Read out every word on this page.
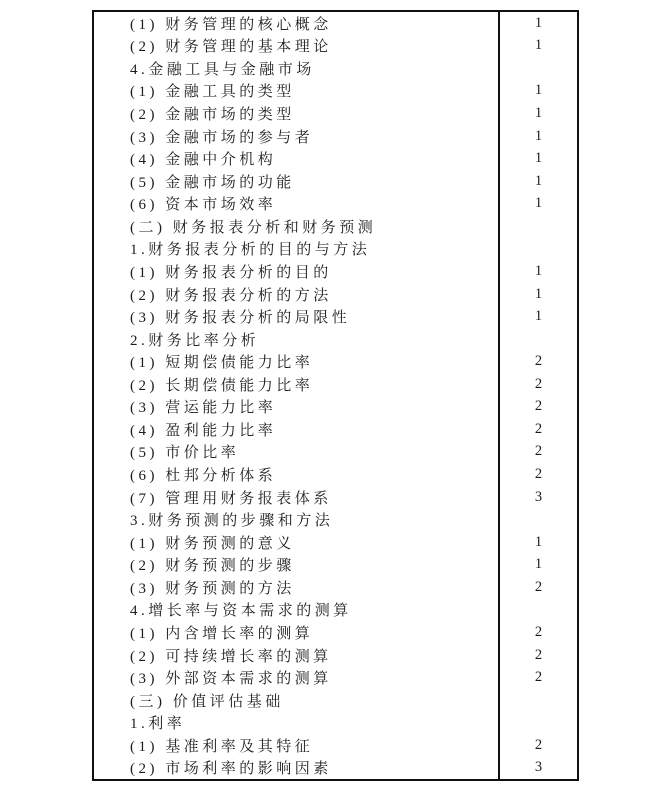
(1) 财务管理的核心概念	1
(2) 财务管理的基本理论	1
4.金融工具与金融市场
(1) 金融工具的类型	1
(2) 金融市场的类型	1
(3) 金融市场的参与者	1
(4) 金融中介机构	1
(5) 金融市场的功能	1
(6) 资本市场效率	1
(二) 财务报表分析和财务预测
1.财务报表分析的目的与方法
(1) 财务报表分析的目的	1
(2) 财务报表分析的方法	1
(3) 财务报表分析的局限性	1
2.财务比率分析
(1) 短期偿债能力比率	2
(2) 长期偿债能力比率	2
(3) 营运能力比率	2
(4) 盈利能力比率	2
(5) 市价比率	2
(6) 杜邦分析体系	2
(7) 管理用财务报表体系	3
3.财务预测的步骤和方法
(1) 财务预测的意义	1
(2) 财务预测的步骤	1
(3) 财务预测的方法	2
4.增长率与资本需求的测算
(1) 内含增长率的测算	2
(2) 可持续增长率的测算	2
(3) 外部资本需求的测算	2
(三) 价值评估基础
1.利率
(1) 基准利率及其特征	2
(2) 市场利率的影响因素	3
